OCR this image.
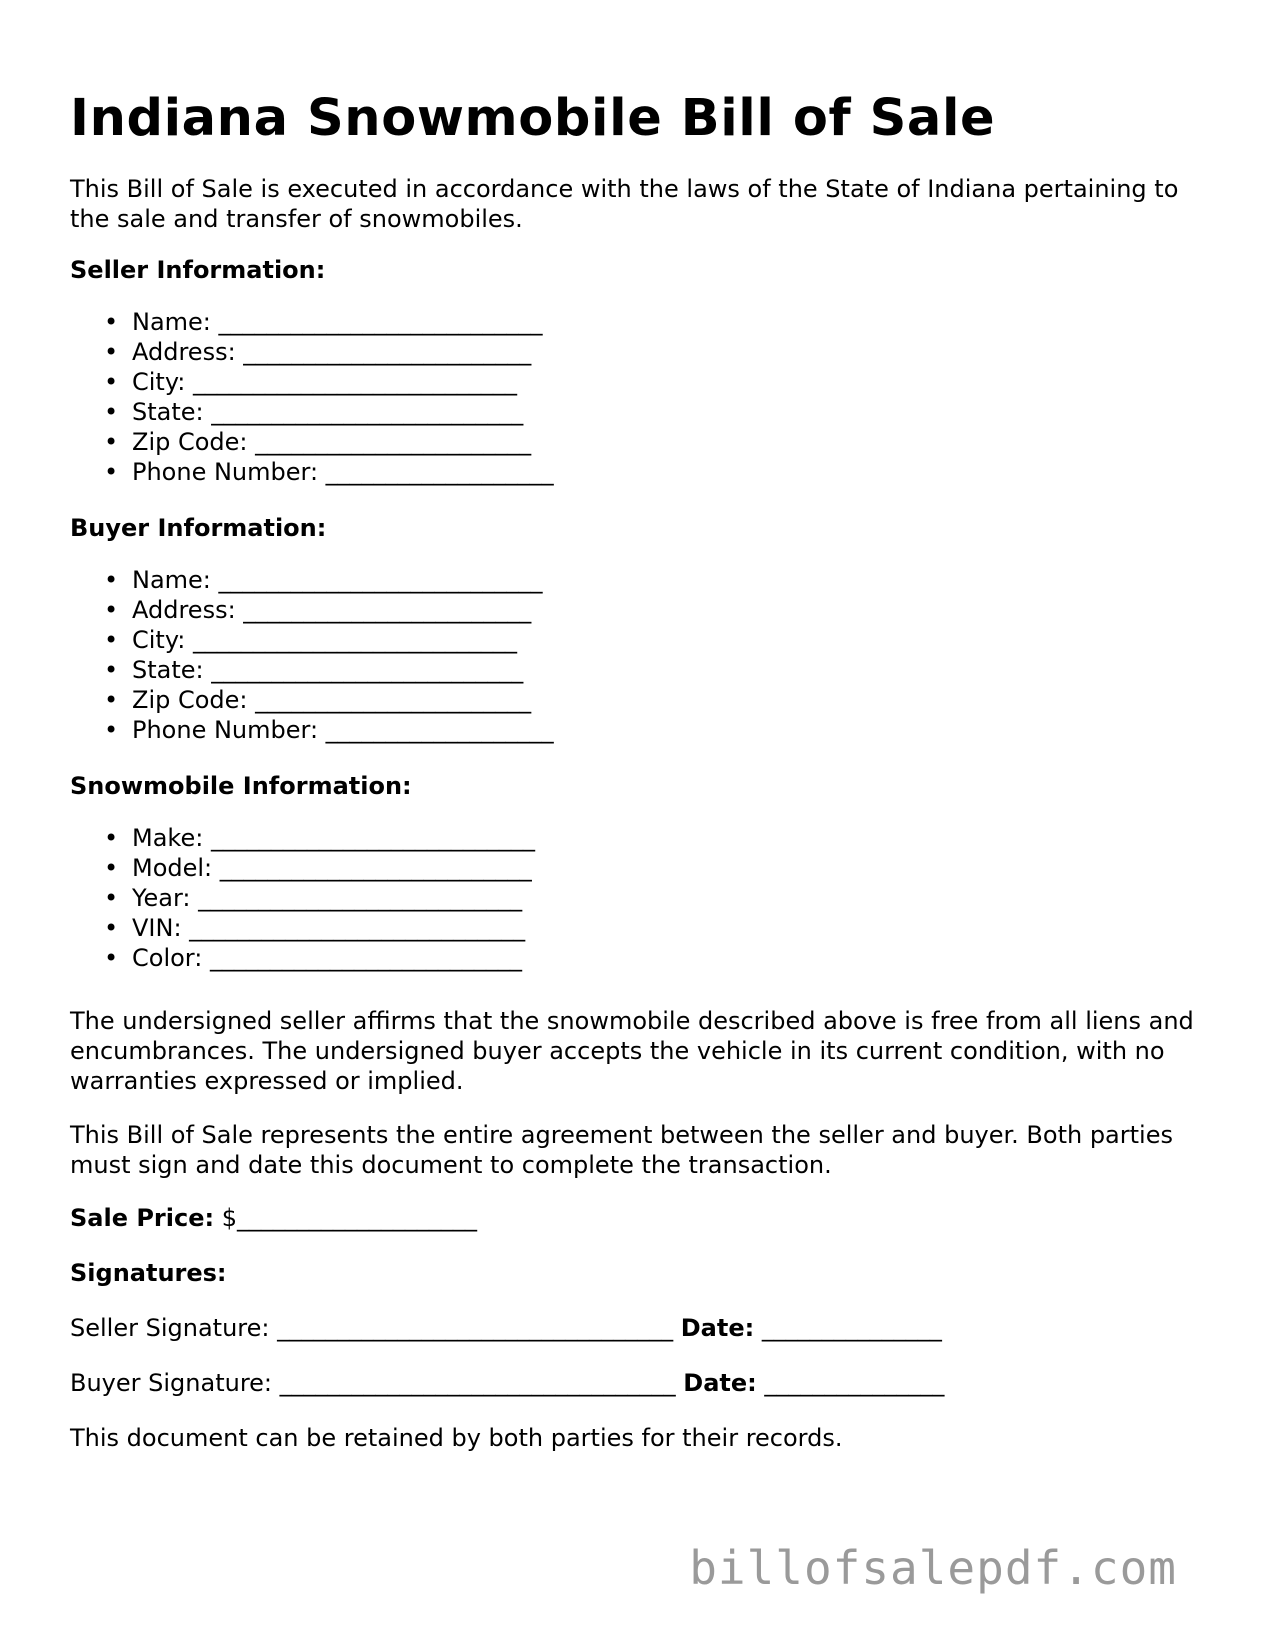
Indiana Snowmobile Bill of Sale

This Bill of Sale is executed in accordance with the laws of the State of Indiana pertaining to the sale and transfer of snowmobiles.

Seller Information:

• Name: ___________________________
• Address: ________________________
• City: ___________________________
• State: __________________________
• Zip Code: _______________________
• Phone Number: ___________________

Buyer Information:

• Name: ___________________________
• Address: ________________________
• City: ___________________________
• State: __________________________
• Zip Code: _______________________
• Phone Number: ___________________

Snowmobile Information:

• Make: ___________________________
• Model: __________________________
• Year: ___________________________
• VIN: ____________________________
• Color: __________________________

The undersigned seller affirms that the snowmobile described above is free from all liens and encumbrances. The undersigned buyer accepts the vehicle in its current condition, with no warranties expressed or implied.

This Bill of Sale represents the entire agreement between the seller and buyer. Both parties must sign and date this document to complete the transaction.

Sale Price: $____________________

Signatures:

Seller Signature: _________________________________ Date: _______________

Buyer Signature: _________________________________ Date: _______________

This document can be retained by both parties for their records.

billofsalepdf.com
